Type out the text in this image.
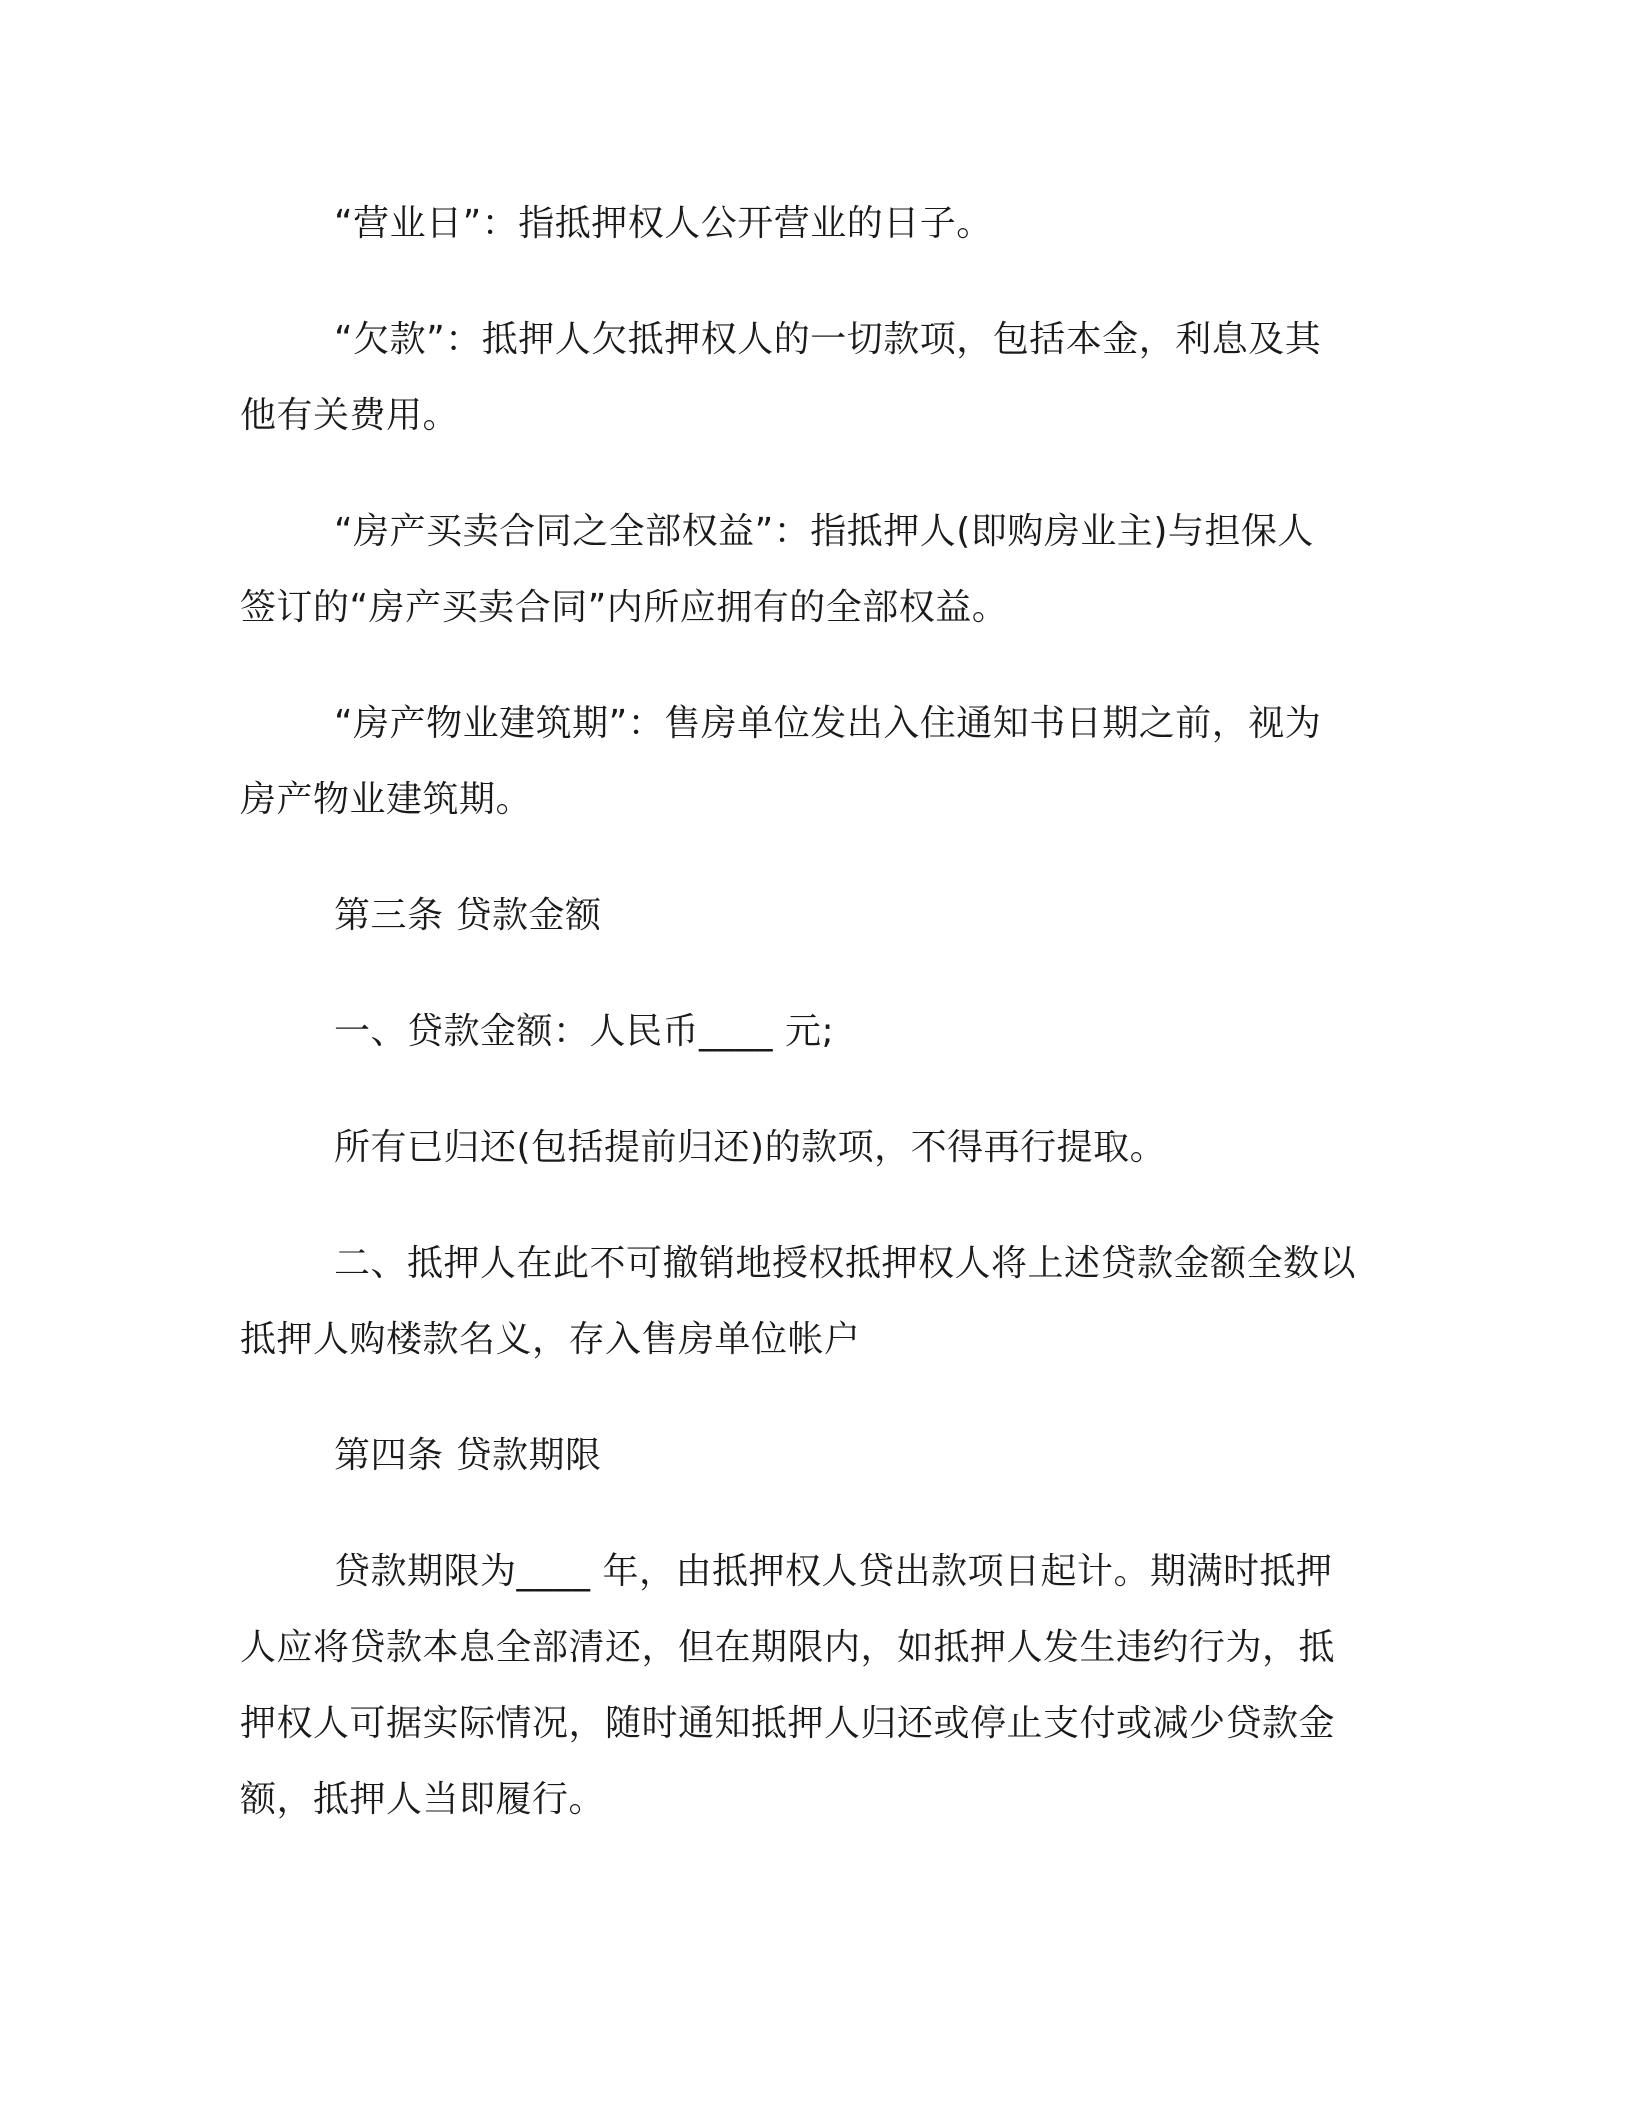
“营业日”：指抵押权人公开营业的日子。

“欠款”：抵押人欠抵押权人的一切款项，包括本金，利息及其
他有关费用。

“房产买卖合同之全部权益”：指抵押人(即购房业主)与担保人
签订的“房产买卖合同”内所应拥有的全部权益。

“房产物业建筑期”：售房单位发出入住通知书日期之前，视为
房产物业建筑期。

第三条 贷款金额

一、贷款金额：人民币____ 元;

所有已归还(包括提前归还)的款项，不得再行提取。

二、抵押人在此不可撤销地授权抵押权人将上述贷款金额全数以
抵押人购楼款名义，存入售房单位帐户

第四条 贷款期限

贷款期限为____ 年，由抵押权人贷出款项日起计。期满时抵押
人应将贷款本息全部清还，但在期限内，如抵押人发生违约行为，抵
押权人可据实际情况，随时通知抵押人归还或停止支付或减少贷款金
额，抵押人当即履行。
